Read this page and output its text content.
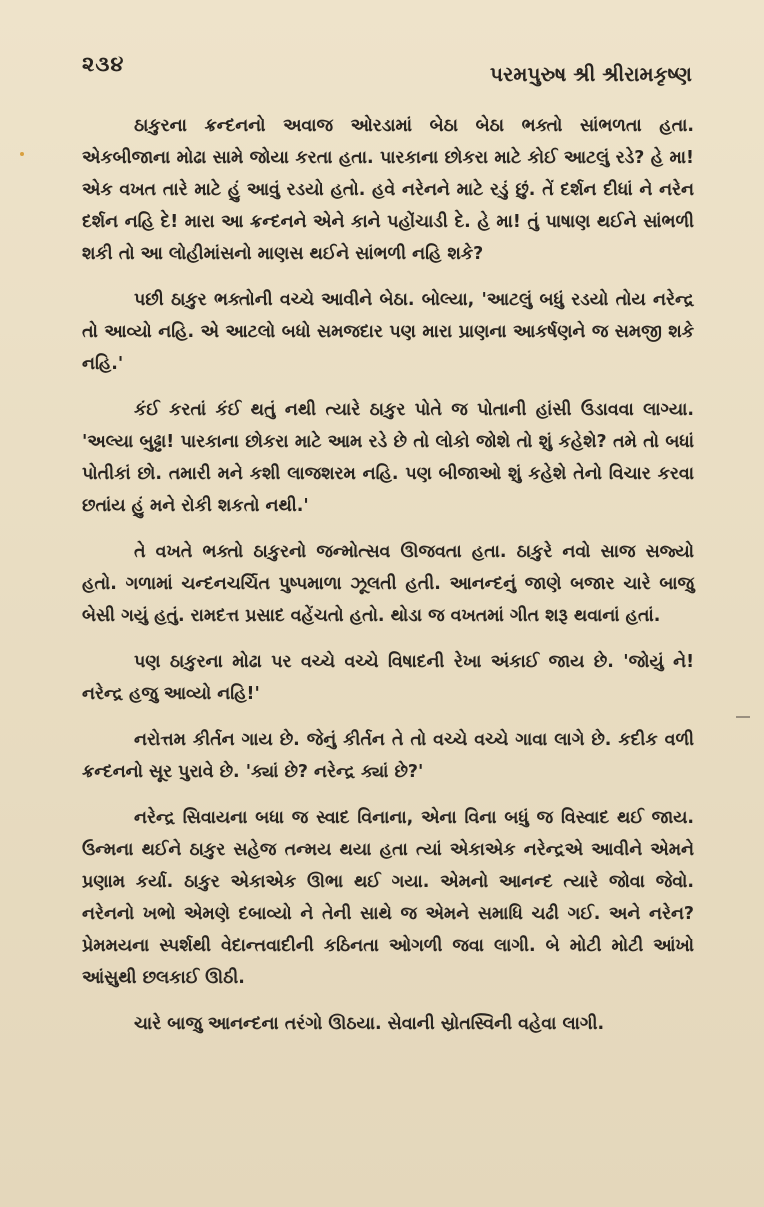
૨૩૪	પરમપુરુષ શ્રી શ્રીરામકૃષ્ણ

ઠાકુરના ક્રન્દનનો અવાજ ઓરડામાં બેઠા બેઠા ભક્તો સાંભળતા હતા. એકબીજાના મોઢા સામે જોયા કરતા હતા. પારકાના છોકરા માટે કોઈ આટલું રડે? હે મા! એક વખત તારે માટે હું આવું રડયો હતો. હવે નરેનને માટે રડું છું. તેં દર્શન દીધાં ને નરેન દર્શન નહિ દે! મારા આ ક્રન્દનને એને કાને પહોંચાડી દે. હે મા! તું પાષાણ થઈને સાંભળી શકી તો આ લોહીમાંસનો માણસ થઈને સાંભળી નહિ શકે?

પછી ઠાકુર ભક્તોની વચ્ચે આવીને બેઠા. બોલ્યા, 'આટલું બધું રડયો તોય નરેન્દ્ર તો આવ્યો નહિ. એ આટલો બધો સમજદાર પણ મારા પ્રાણના આકર્ષણને જ સમજી શકે નહિ.'

કંઈ કરતાં કંઈ થતું નથી ત્યારે ઠાકુર પોતે જ પોતાની હાંસી ઉડાવવા લાગ્યા. 'અલ્યા બુઢ્ઢા! પારકાના છોકરા માટે આમ રડે છે તો લોકો જોશે તો શું કહેશે? તમે તો બધાં પોતીકાં છો. તમારી મને કશી લાજશરમ નહિ. પણ બીજાઓ શું કહેશે તેનો વિચાર કરવા છતાંય હું મને રોકી શકતો નથી.'

તે વખતે ભક્તો ઠાકુરનો જન્મોત્સવ ઊજવતા હતા. ઠાકુરે નવો સાજ સજ્યો હતો. ગળામાં ચન્દનચર્ચિત પુષ્પમાળા ઝૂલતી હતી. આનન્દનું જાણે બજાર ચારે બાજુ બેસી ગયું હતું. રામદત્ત પ્રસાદ વહેંચતો હતો. થોડા જ વખતમાં ગીત શરૂ થવાનાં હતાં.

પણ ઠાકુરના મોઢા પર વચ્ચે વચ્ચે વિષાદની રેખા અંકાઈ જાય છે. 'જોયું ને! નરેન્દ્ર હજુ આવ્યો નહિ!'

નરોત્તમ કીર્તન ગાય છે. જેનું કીર્તન તે તો વચ્ચે વચ્ચે ગાવા લાગે છે. કદીક વળી ક્રન્દનનો સૂર પુરાવે છે. 'ક્યાં છે? નરેન્દ્ર ક્યાં છે?'

નરેન્દ્ર સિવાયના બધા જ સ્વાદ વિનાના, એના વિના બધું જ વિસ્વાદ થઈ જાય. ઉન્મના થઈને ઠાકુર સહેજ તન્મય થયા હતા ત્યાં એકાએક નરેન્દ્રએ આવીને એમને પ્રણામ કર્યા. ઠાકુર એકાએક ઊભા થઈ ગયા. એમનો આનન્દ ત્યારે જોવા જેવો. નરેનનો ખભો એમણે દબાવ્યો ને તેની સાથે જ એમને સમાધિ ચઢી ગઈ. અને નરેન? પ્રેમમયના સ્પર્શથી વેદાન્તવાદીની કઠિનતા ઓગળી જવા લાગી. બે મોટી મોટી આંખો આંસુથી છલકાઈ ઊઠી.

ચારે બાજુ આનન્દના તરંગો ઊઠયા. સેવાની સ્રોતસ્વિની વહેવા લાગી.
